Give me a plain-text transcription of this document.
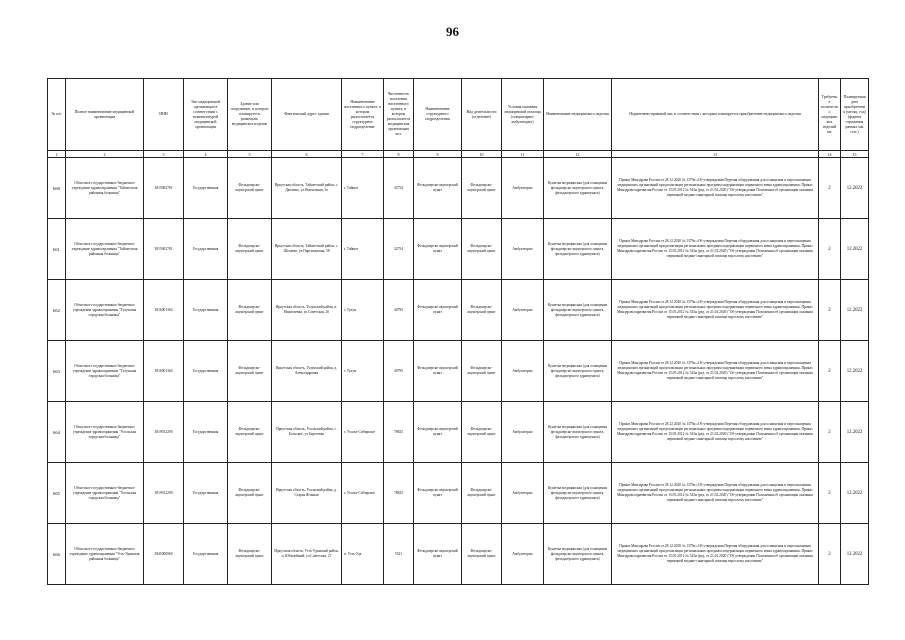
96
№ п/п	Полное наименование медицинской организации	ИНН	Тип медицинской организации в соответствии с номенклатурой медицинской организации	Здание или сооружение, в котором планируется размещать медицинское изделие	Фактический адрес здания	Наименование населенного пункта, в котором располагается структурное подразделение	Численность населения населенного пункта, в котором располагается медицинская организация чел.	Наименование структурного подразделения	Вид деятельности (отделение)	Условия оказания медицинской помощи (стационарно/амбулаторно)	Наименование медицинского изделия	Нормативно-правовой акт, в соответствии с которым планируется приобретение медицинского изделия	Требуемое количество медицинских изделий шт.	Планируемая дата приобретения (месяц, год) (формат отражения данных мм. гггг.)
1	2	3	4	5	6	7	8	9	10	11	12	13	14	15
660	Областное государственное бюджетное учреждение здравоохранения "Тайшетская районная больница"	3815002781	Государственная	Фельдшерско-акушерский пункт	Иркутская область, Тайшетский район, с. Джогино, ул.Вокзальная, 1а	г. Тайшет	32754	Фельдшерско-акушерский пункт	Фельдшерско-акушерский пункт	Амбулаторно	Кушетка медицинская (для оснащения фельдшерско-акушерского пункта, фельдшерского здравпункта)	Приказ Минздрава России от 28.12.2020 № 1379н «Об утверждении Перечня оборудования для оснащения и переоснащения медицинских организаций при реализации региональных программ модернизации первичного звена здравоохранения» Приказ Минздравсоцразвития России от 15.05.2012 № 543н (ред. от 21.02.2020) "Об утверждении Положения об организации оказания первичной медико-санитарной помощи взрослому населению"	2	12.2022
661	Областное государственное бюджетное учреждение здравоохранения "Тайшетская районная больница"	3815002781	Государственная	Фельдшерско-акушерский пункт	Иркутская область, Тайшетский район, с. Шелаево, ул.Партизанская, 58	г. Тайшет	32754	Фельдшерско-акушерский пункт	Фельдшерско-акушерский пункт	Амбулаторно	Кушетка медицинская (для оснащения фельдшерско-акушерского пункта, фельдшерского здравпункта)	Приказ Минздрава России от 28.12.2020 № 1379н «Об утверждении Перечня оборудования для оснащения и переоснащения медицинских организаций при реализации региональных программ модернизации первичного звена здравоохранения» Приказ Минздравсоцразвития России от 15.05.2012 № 543н (ред. от 21.02.2020) "Об утверждении Положения об организации оказания первичной медико-санитарной помощи взрослому населению"	2	12.2022
662	Областное государственное бюджетное учреждение здравоохранения "Тулунская городская больница"	3816001364	Государственная	Фельдшерско-акушерский пункт	Иркутская область, Тулунский район, п. Никитаевка, ул.Советская, 20	г. Тулун	40795	Фельдшерско-акушерский пункт	Фельдшерско-акушерский пункт	Амбулаторно	Кушетка медицинская (для оснащения фельдшерско-акушерского пункта, фельдшерского здравпункта)	Приказ Минздрава России от 28.12.2020 № 1379н «Об утверждении Перечня оборудования для оснащения и переоснащения медицинских организаций при реализации региональных программ модернизации первичного звена здравоохранения» Приказ Минздравсоцразвития России от 15.05.2012 № 543н (ред. от 21.02.2020) "Об утверждении Положения об организации оказания первичной медико-санитарной помощи взрослому населению"	2	12.2022
663	Областное государственное бюджетное учреждение здравоохранения "Тулунская городская больница"	3816001364	Государственная	Фельдшерско-акушерский пункт	Иркутская область, Тулунский район, д. Александровка	г. Тулун	40795	Фельдшерско-акушерский пункт	Фельдшерско-акушерский пункт	Амбулаторно	Кушетка медицинская (для оснащения фельдшерско-акушерского пункта, фельдшерского здравпункта)	Приказ Минздрава России от 28.12.2020 № 1379н «Об утверждении Перечня оборудования для оснащения и переоснащения медицинских организаций при реализации региональных программ модернизации первичного звена здравоохранения» Приказ Минздравсоцразвития России от 15.05.2012 № 543н (ред. от 21.02.2020) "Об утверждении Положения об организации оказания первичной медико-санитарной помощи взрослому населению"	2	12.2022
664	Областное государственное бюджетное учреждение здравоохранения "Усольская городская больница"	3819012290	Государственная	Фельдшерско-акушерский пункт	Иркутская область, Усольский район, с. Бельское, ул.Береговая	г. Усолье-Сибирское	78825	Фельдшерско-акушерский пункт	Фельдшерско-акушерский пункт	Амбулаторно	Кушетка медицинская (для оснащения фельдшерско-акушерского пункта, фельдшерского здравпункта)	Приказ Минздрава России от 28.12.2020 № 1379н «Об утверждении Перечня оборудования для оснащения и переоснащения медицинских организаций при реализации региональных программ модернизации первичного звена здравоохранения» Приказ Минздравсоцразвития России от 15.05.2012 № 543н (ред. от 21.02.2020) "Об утверждении Положения об организации оказания первичной медико-санитарной помощи взрослому населению"	2	12.2022
665	Областное государственное бюджетное учреждение здравоохранения "Усольская городская больница"	3819012290	Государственная	Фельдшерско-акушерский пункт	Иркутская область, Усольский район, д. Старая Ясачная	г. Усолье-Сибирское	78825	Фельдшерско-акушерский пункт	Фельдшерско-акушерский пункт	Амбулаторно	Кушетка медицинская (для оснащения фельдшерско-акушерского пункта, фельдшерского здравпункта)	Приказ Минздрава России от 28.12.2020 № 1379н «Об утверждении Перечня оборудования для оснащения и переоснащения медицинских организаций при реализации региональных программ модернизации первичного звена здравоохранения» Приказ Минздравсоцразвития России от 15.05.2012 № 543н (ред. от 21.02.2020) "Об утверждении Положения об организации оказания первичной медико-санитарной помощи взрослому населению"	2	12.2022
666	Областное государственное бюджетное учреждение здравоохранения "Усть-Удинская районная больница"	3845000960	Государственная	Фельдшерско-акушерский пункт	Иркутская область, Усть-Удинский район, п. Юбилейный, ул.Советская, 27	п. Усть-Уда	5521	Фельдшерско-акушерский пункт	Фельдшерско-акушерский пункт	Амбулаторно	Кушетка медицинская (для оснащения фельдшерско-акушерского пункта, фельдшерского здравпункта)	Приказ Минздрава России от 28.12.2020 № 1379н «Об утверждении Перечня оборудования для оснащения и переоснащения медицинских организаций при реализации региональных программ модернизации первичного звена здравоохранения» Приказ Минздравсоцразвития России от 15.05.2012 № 543н (ред. от 21.02.2020) "Об утверждении Положения об организации оказания первичной медико-санитарной помощи взрослому населению"	2	12.2022
